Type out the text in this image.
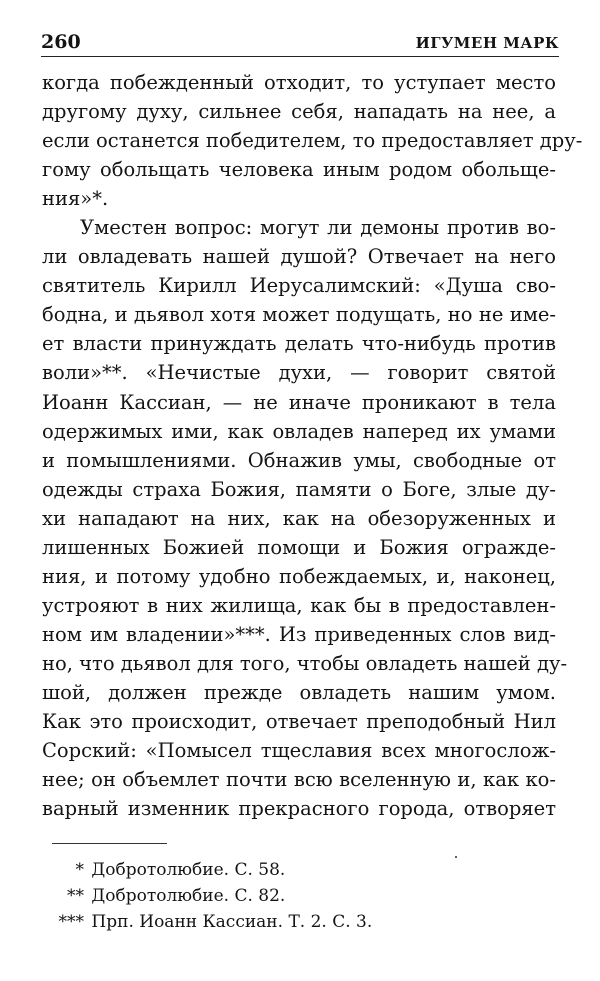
260	ИГУМЕН МАРК
когда побежденный отходит, то уступает место
другому духу, сильнее себя, нападать на нее, а
если останется победителем, то предоставляет дру-
гому обольщать человека иным родом обольще-
ния»*.
Уместен вопрос: могут ли демоны против во-
ли овладевать нашей душой? Отвечает на него
святитель Кирилл Иерусалимский: «Душа сво-
бодна, и дьявол хотя может подущать, но не име-
ет власти принуждать делать что-нибудь против
воли»**. «Нечистые духи, — говорит святой
Иоанн Кассиан, — не иначе проникают в тела
одержимых ими, как овладев наперед их умами
и помышлениями. Обнажив умы, свободные от
одежды страха Божия, памяти о Боге, злые ду-
хи нападают на них, как на обезоруженных и
лишенных Божией помощи и Божия огражде-
ния, и потому удобно побеждаемых, и, наконец,
устрояют в них жилища, как бы в предоставлен-
ном им владении»***. Из приведенных слов вид-
но, что дьявол для того, чтобы овладеть нашей ду-
шой, должен прежде овладеть нашим умом.
Как это происходит, отвечает преподобный Нил
Сорский: «Помысел тщеславия всех многослож-
нее; он объемлет почти всю вселенную и, как ко-
варный изменник прекрасного города, отворяет
* Добротолюбие. С. 58.
** Добротолюбие. С. 82.
*** Прп. Иоанн Кассиан. Т. 2. С. 3.
